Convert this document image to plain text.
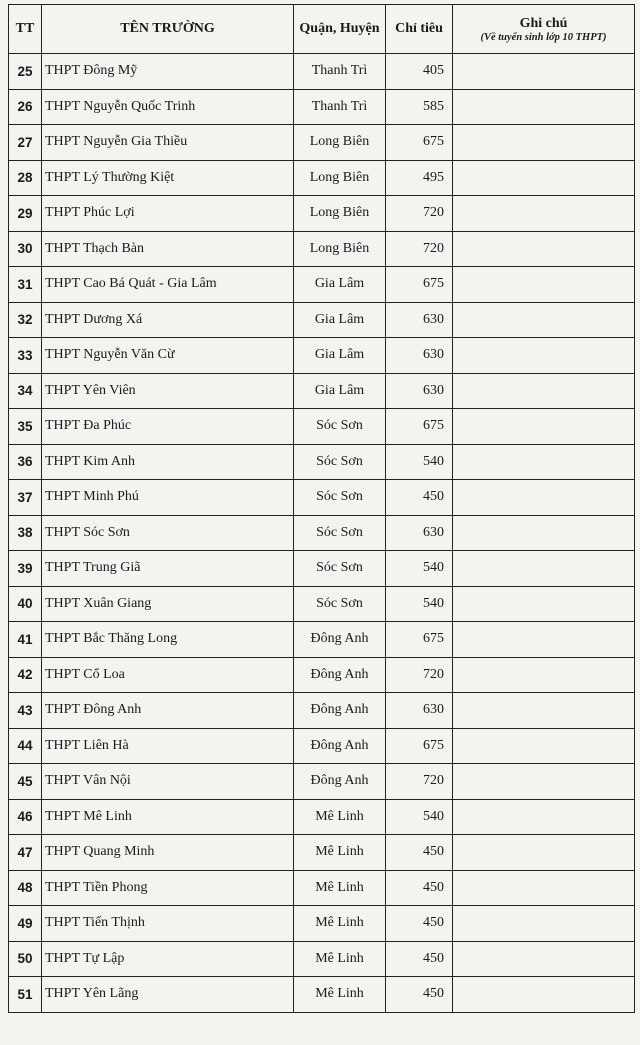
TT	TÊN TRƯỜNG	Quận, Huyện	Chỉ tiêu	Ghi chú
(Về tuyển sinh lớp 10 THPT)

25	THPT Đông Mỹ	Thanh Trì	405	
26	THPT Nguyễn Quốc Trinh	Thanh Trì	585	
27	THPT Nguyễn Gia Thiều	Long Biên	675	
28	THPT Lý Thường Kiệt	Long Biên	495	
29	THPT Phúc Lợi	Long Biên	720	
30	THPT Thạch Bàn	Long Biên	720	
31	THPT Cao Bá Quát - Gia Lâm	Gia Lâm	675	
32	THPT Dương Xá	Gia Lâm	630	
33	THPT Nguyễn Văn Cừ	Gia Lâm	630	
34	THPT Yên Viên	Gia Lâm	630	
35	THPT Đa Phúc	Sóc Sơn	675	
36	THPT Kim Anh	Sóc Sơn	540	
37	THPT Minh Phú	Sóc Sơn	450	
38	THPT Sóc Sơn	Sóc Sơn	630	
39	THPT Trung Giã	Sóc Sơn	540	
40	THPT Xuân Giang	Sóc Sơn	540	
41	THPT Bắc Thăng Long	Đông Anh	675	
42	THPT Cổ Loa	Đông Anh	720	
43	THPT Đông Anh	Đông Anh	630	
44	THPT Liên Hà	Đông Anh	675	
45	THPT Vân Nội	Đông Anh	720	
46	THPT Mê Linh	Mê Linh	540	
47	THPT Quang Minh	Mê Linh	450	
48	THPT Tiền Phong	Mê Linh	450	
49	THPT Tiến Thịnh	Mê Linh	450	
50	THPT Tự Lập	Mê Linh	450	
51	THPT Yên Lãng	Mê Linh	450	
